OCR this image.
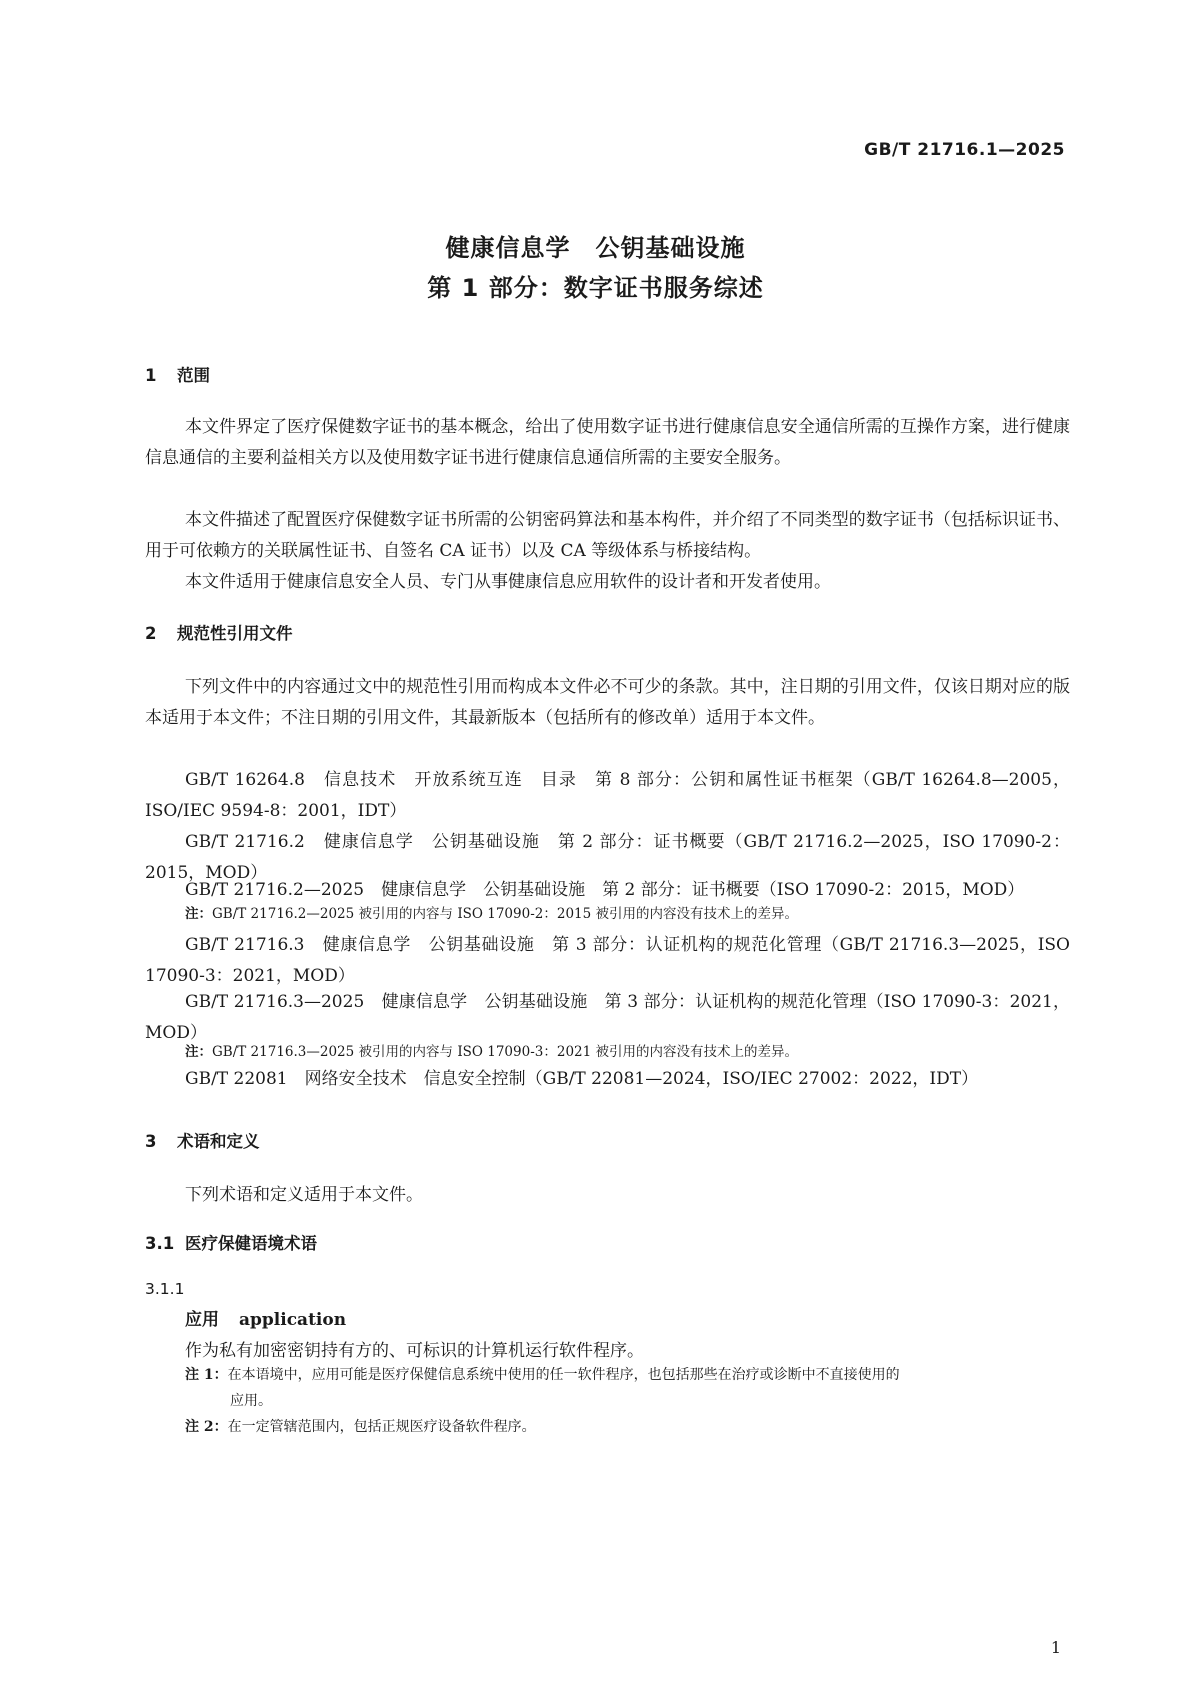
GB/T 21716.1—2025
健康信息学　公钥基础设施
第 1 部分：数字证书服务综述
1 范围
本文件界定了医疗保健数字证书的基本概念，给出了使用数字证书进行健康信息安全通信所需的互操作方案，进行健康信息通信的主要利益相关方以及使用数字证书进行健康信息通信所需的主要安全服务。
本文件描述了配置医疗保健数字证书所需的公钥密码算法和基本构件，并介绍了不同类型的数字证书（包括标识证书、用于可依赖方的关联属性证书、自签名 CA 证书）以及 CA 等级体系与桥接结构。
本文件适用于健康信息安全人员、专门从事健康信息应用软件的设计者和开发者使用。
2 规范性引用文件
下列文件中的内容通过文中的规范性引用而构成本文件必不可少的条款。其中，注日期的引用文件，仅该日期对应的版本适用于本文件；不注日期的引用文件，其最新版本（包括所有的修改单）适用于本文件。
GB/T 16264.8　信息技术　开放系统互连　目录　第 8 部分：公钥和属性证书框架（GB/T 16264.8—2005，ISO/IEC 9594-8：2001，IDT）
GB/T 21716.2　健康信息学　公钥基础设施　第 2 部分：证书概要（GB/T 21716.2—2025，ISO 17090-2：2015，MOD）
GB/T 21716.2—2025　健康信息学　公钥基础设施　第 2 部分：证书概要（ISO 17090-2：2015，MOD）
注：GB/T 21716.2—2025 被引用的内容与 ISO 17090-2：2015 被引用的内容没有技术上的差异。
GB/T 21716.3　健康信息学　公钥基础设施　第 3 部分：认证机构的规范化管理（GB/T 21716.3—2025，ISO 17090-3：2021，MOD）
GB/T 21716.3—2025　健康信息学　公钥基础设施　第 3 部分：认证机构的规范化管理（ISO 17090-3：2021，MOD）
注：GB/T 21716.3—2025 被引用的内容与 ISO 17090-3：2021 被引用的内容没有技术上的差异。
GB/T 22081　网络安全技术　信息安全控制（GB/T 22081—2024，ISO/IEC 27002：2022，IDT）
3 术语和定义
下列术语和定义适用于本文件。
3.1 医疗保健语境术语
3.1.1
应用 application
作为私有加密密钥持有方的、可标识的计算机运行软件程序。
注 1：在本语境中，应用可能是医疗保健信息系统中使用的任一软件程序，也包括那些在治疗或诊断中不直接使用的
应用。
注 2：在一定管辖范围内，包括正规医疗设备软件程序。
1
